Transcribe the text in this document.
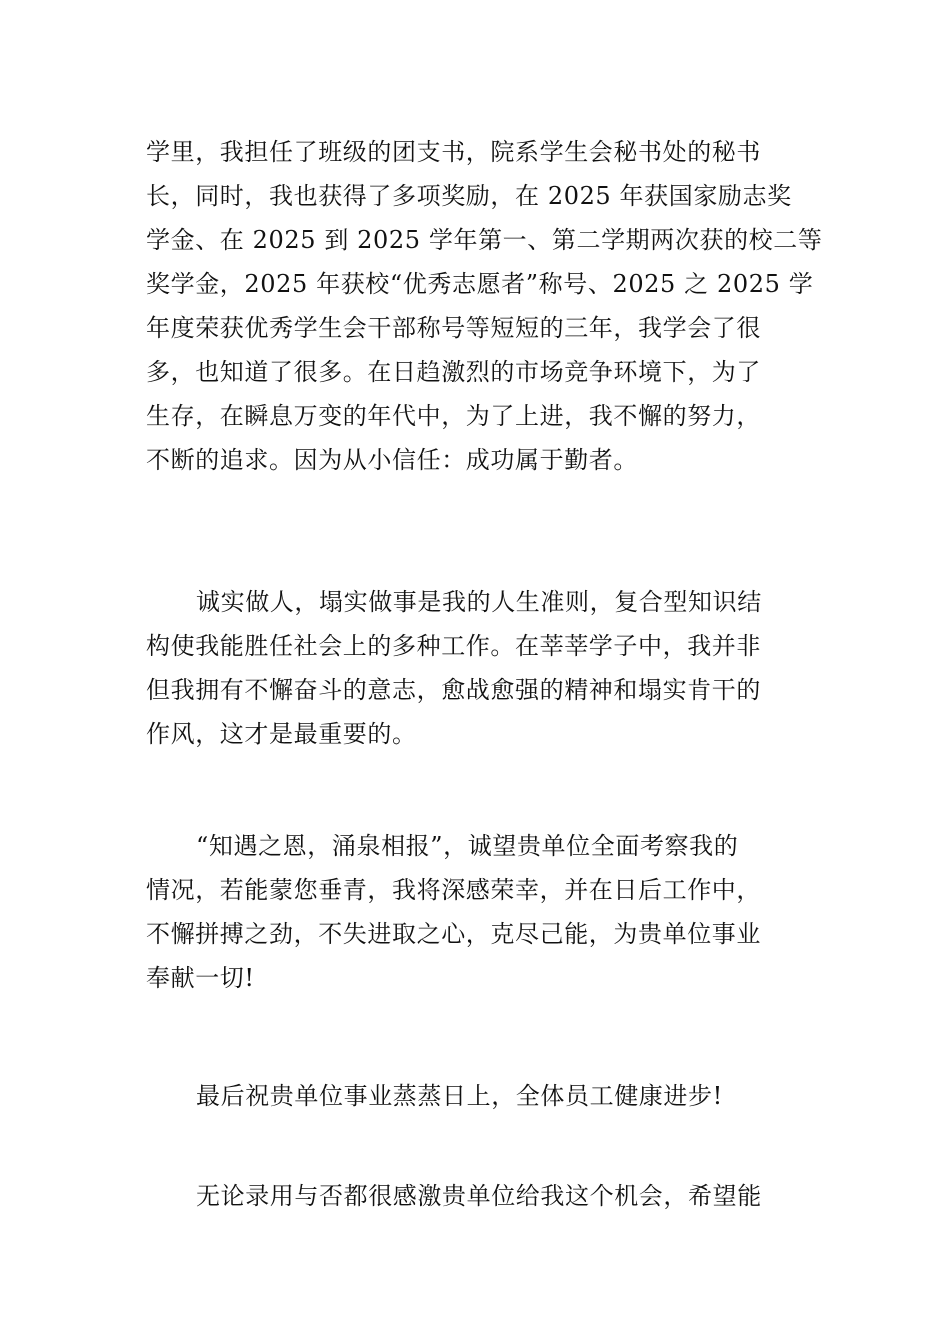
学里，我担任了班级的团支书，院系学生会秘书处的秘书
长，同时，我也获得了多项奖励，在 2025 年获国家励志奖
学金、在 2025 到 2025 学年第一、第二学期两次获的校二等
奖学金，2025 年获校“优秀志愿者”称号、2025 之 2025 学
年度荣获优秀学生会干部称号等短短的三年，我学会了很
多，也知道了很多。在日趋激烈的市场竞争环境下，为了
生存，在瞬息万变的年代中，为了上进，我不懈的努力，
不断的追求。因为从小信任：成功属于勤者。
诚实做人，塌实做事是我的人生准则，复合型知识结
构使我能胜任社会上的多种工作。在莘莘学子中，我并非
但我拥有不懈奋斗的意志，愈战愈强的精神和塌实肯干的
作风，这才是最重要的。
“知遇之恩，涌泉相报”，诚望贵单位全面考察我的
情况，若能蒙您垂青，我将深感荣幸，并在日后工作中，
不懈拼搏之劲，不失进取之心，克尽己能，为贵单位事业
奉献一切!
最后祝贵单位事业蒸蒸日上，全体员工健康进步!
无论录用与否都很感激贵单位给我这个机会，希望能
